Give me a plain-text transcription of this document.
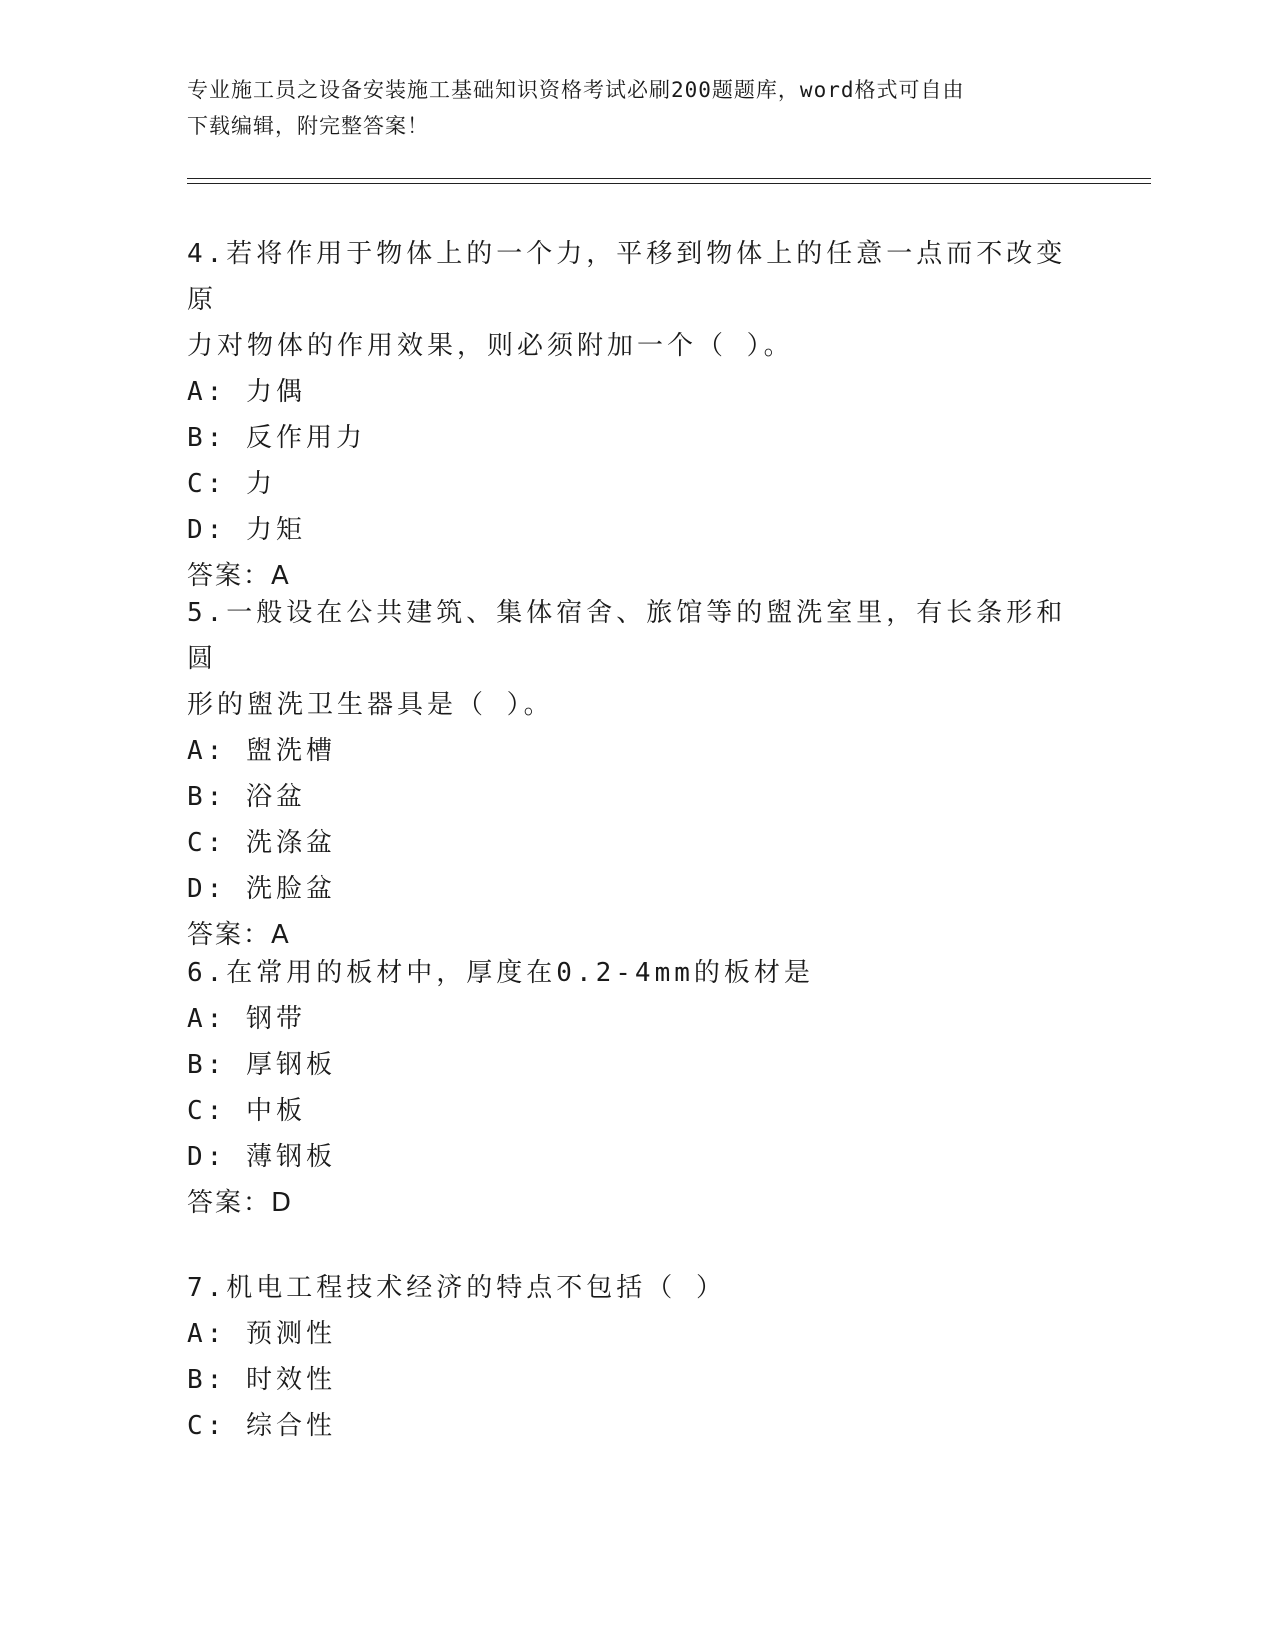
专业施工员之设备安装施工基础知识资格考试必刷200题题库，word格式可自由
下载编辑，附完整答案！
4.若将作用于物体上的一个力，平移到物体上的任意一点而不改变原
力对物体的作用效果，则必须附加一个（ ）。
A: 力偶
B: 反作用力
C: 力
D: 力矩
答案：A
5.一般设在公共建筑、集体宿舍、旅馆等的盥洗室里，有长条形和圆
形的盥洗卫生器具是（ ）。
A: 盥洗槽
B: 浴盆
C: 洗涤盆
D: 洗脸盆
答案：A
6.在常用的板材中，厚度在0.2-4mm的板材是
A: 钢带
B: 厚钢板
C: 中板
D: 薄钢板
答案：D
7.机电工程技术经济的特点不包括（ ）
A: 预测性
B: 时效性
C: 综合性
